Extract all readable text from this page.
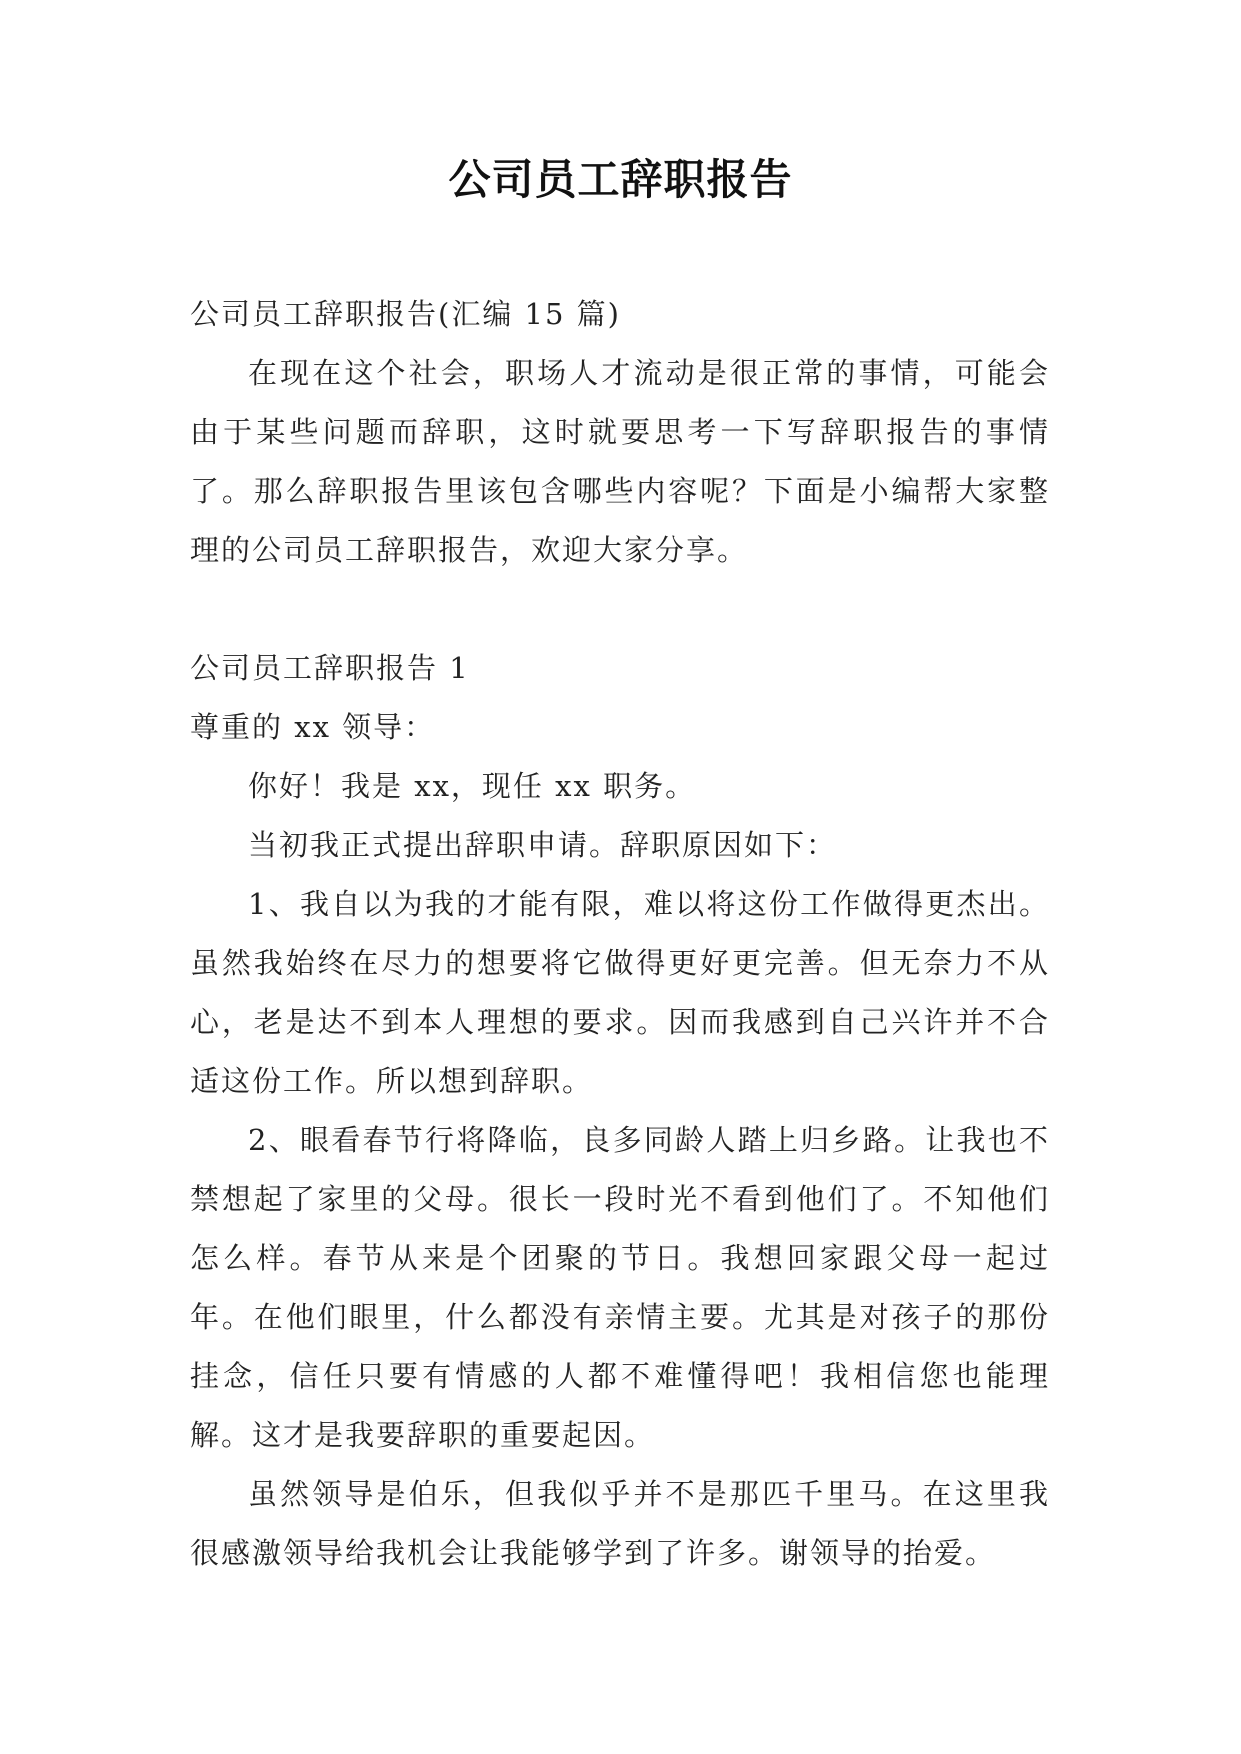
公司员工辞职报告

公司员工辞职报告(汇编 15 篇)

在现在这个社会，职场人才流动是很正常的事情，可能会由于某些问题而辞职，这时就要思考一下写辞职报告的事情了。那么辞职报告里该包含哪些内容呢？下面是小编帮大家整理的公司员工辞职报告，欢迎大家分享。

公司员工辞职报告 1

尊重的 xx 领导：

你好！我是 xx，现任 xx 职务。

当初我正式提出辞职申请。辞职原因如下：

1、我自以为我的才能有限，难以将这份工作做得更杰出。虽然我始终在尽力的想要将它做得更好更完善。但无奈力不从心，老是达不到本人理想的要求。因而我感到自己兴许并不合适这份工作。所以想到辞职。

2、眼看春节行将降临，良多同龄人踏上归乡路。让我也不禁想起了家里的父母。很长一段时光不看到他们了。不知他们怎么样。春节从来是个团聚的节日。我想回家跟父母一起过年。在他们眼里，什么都没有亲情主要。尤其是对孩子的那份挂念，信任只要有情感的人都不难懂得吧！我相信您也能理解。这才是我要辞职的重要起因。

虽然领导是伯乐，但我似乎并不是那匹千里马。在这里我很感激领导给我机会让我能够学到了许多。谢领导的抬爱。
